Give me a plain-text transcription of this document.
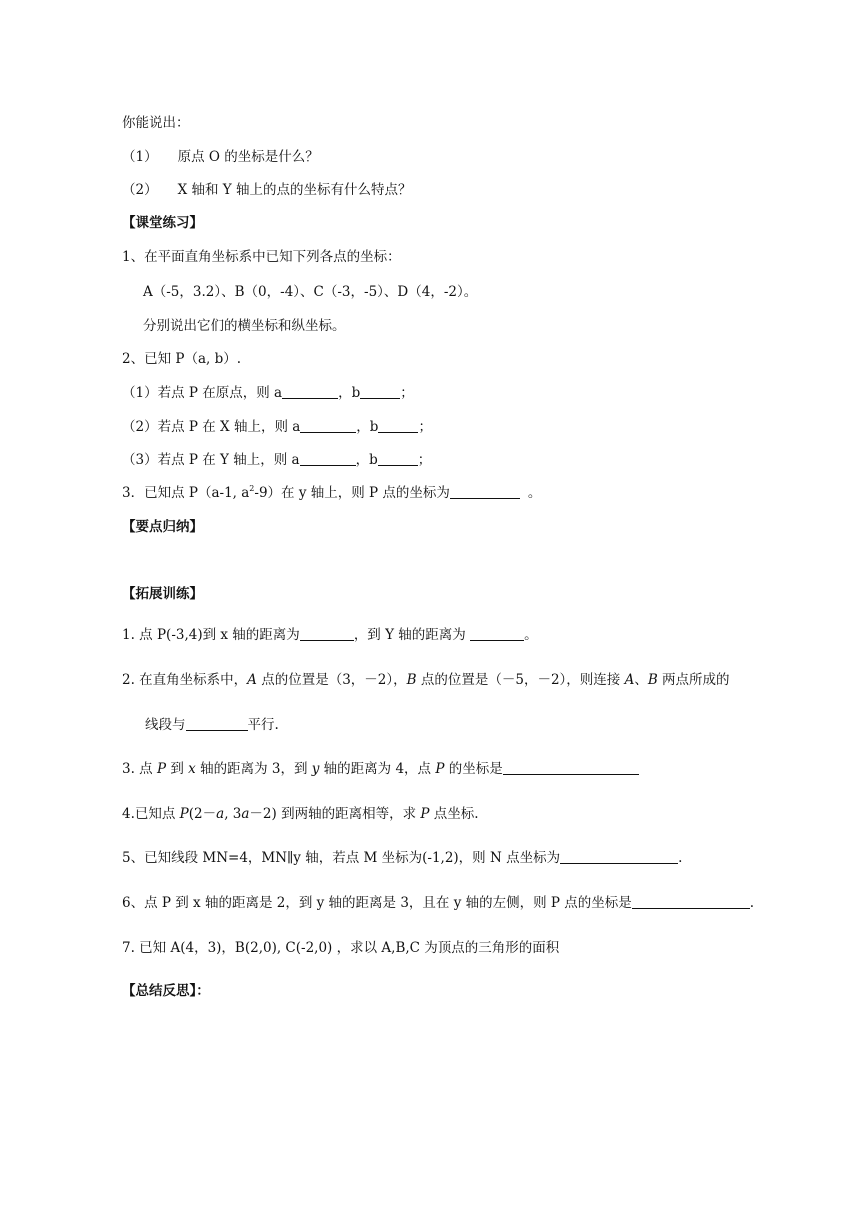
你能说出：
（1） 原点 O 的坐标是什么？
（2） X 轴和 Y 轴上的点的坐标有什么特点？
【课堂练习】
1、在平面直角坐标系中已知下列各点的坐标：
A（-5，3.2）、B（0，-4）、C（-3，-5）、D（4，-2）。
分别说出它们的横坐标和纵坐标。
2、已知 P（a, b）.
（1）若点 P 在原点，则 a	，b	；
（2）若点 P 在 X 轴上，则 a	，b	；
（3）若点 P 在 Y 轴上，则 a	，b	；
3．已知点 P（a-1, $a^2-9$）在 y 轴上，则 P 点的坐标为	。
【要点归纳】
【拓展训练】
1. 点 P(-3,4)到 x 轴的距离为	，到 Y 轴的距离为	。
2. 在直角坐标系中，A 点的位置是（3，－2），B 点的位置是（－5，－2），则连接 A、B 两点所成的
线段与	平行.
3. 点 P 到 x 轴的距离为 3，到 y 轴的距离为 4，点 P 的坐标是
4.已知点 P(2－a, 3a－2) 到两轴的距离相等，求 P 点坐标.
5、已知线段 MN=4，MN∥y 轴，若点 M 坐标为(-1,2)，则 N 点坐标为	.
6、点 P 到 x 轴的距离是 2，到 y 轴的距离是 3，且在 y 轴的左侧，则 P 点的坐标是	.
7. 已知 A(4，3)，B(2,0), C(-2,0) ，求以 A,B,C 为顶点的三角形的面积
【总结反思】：
